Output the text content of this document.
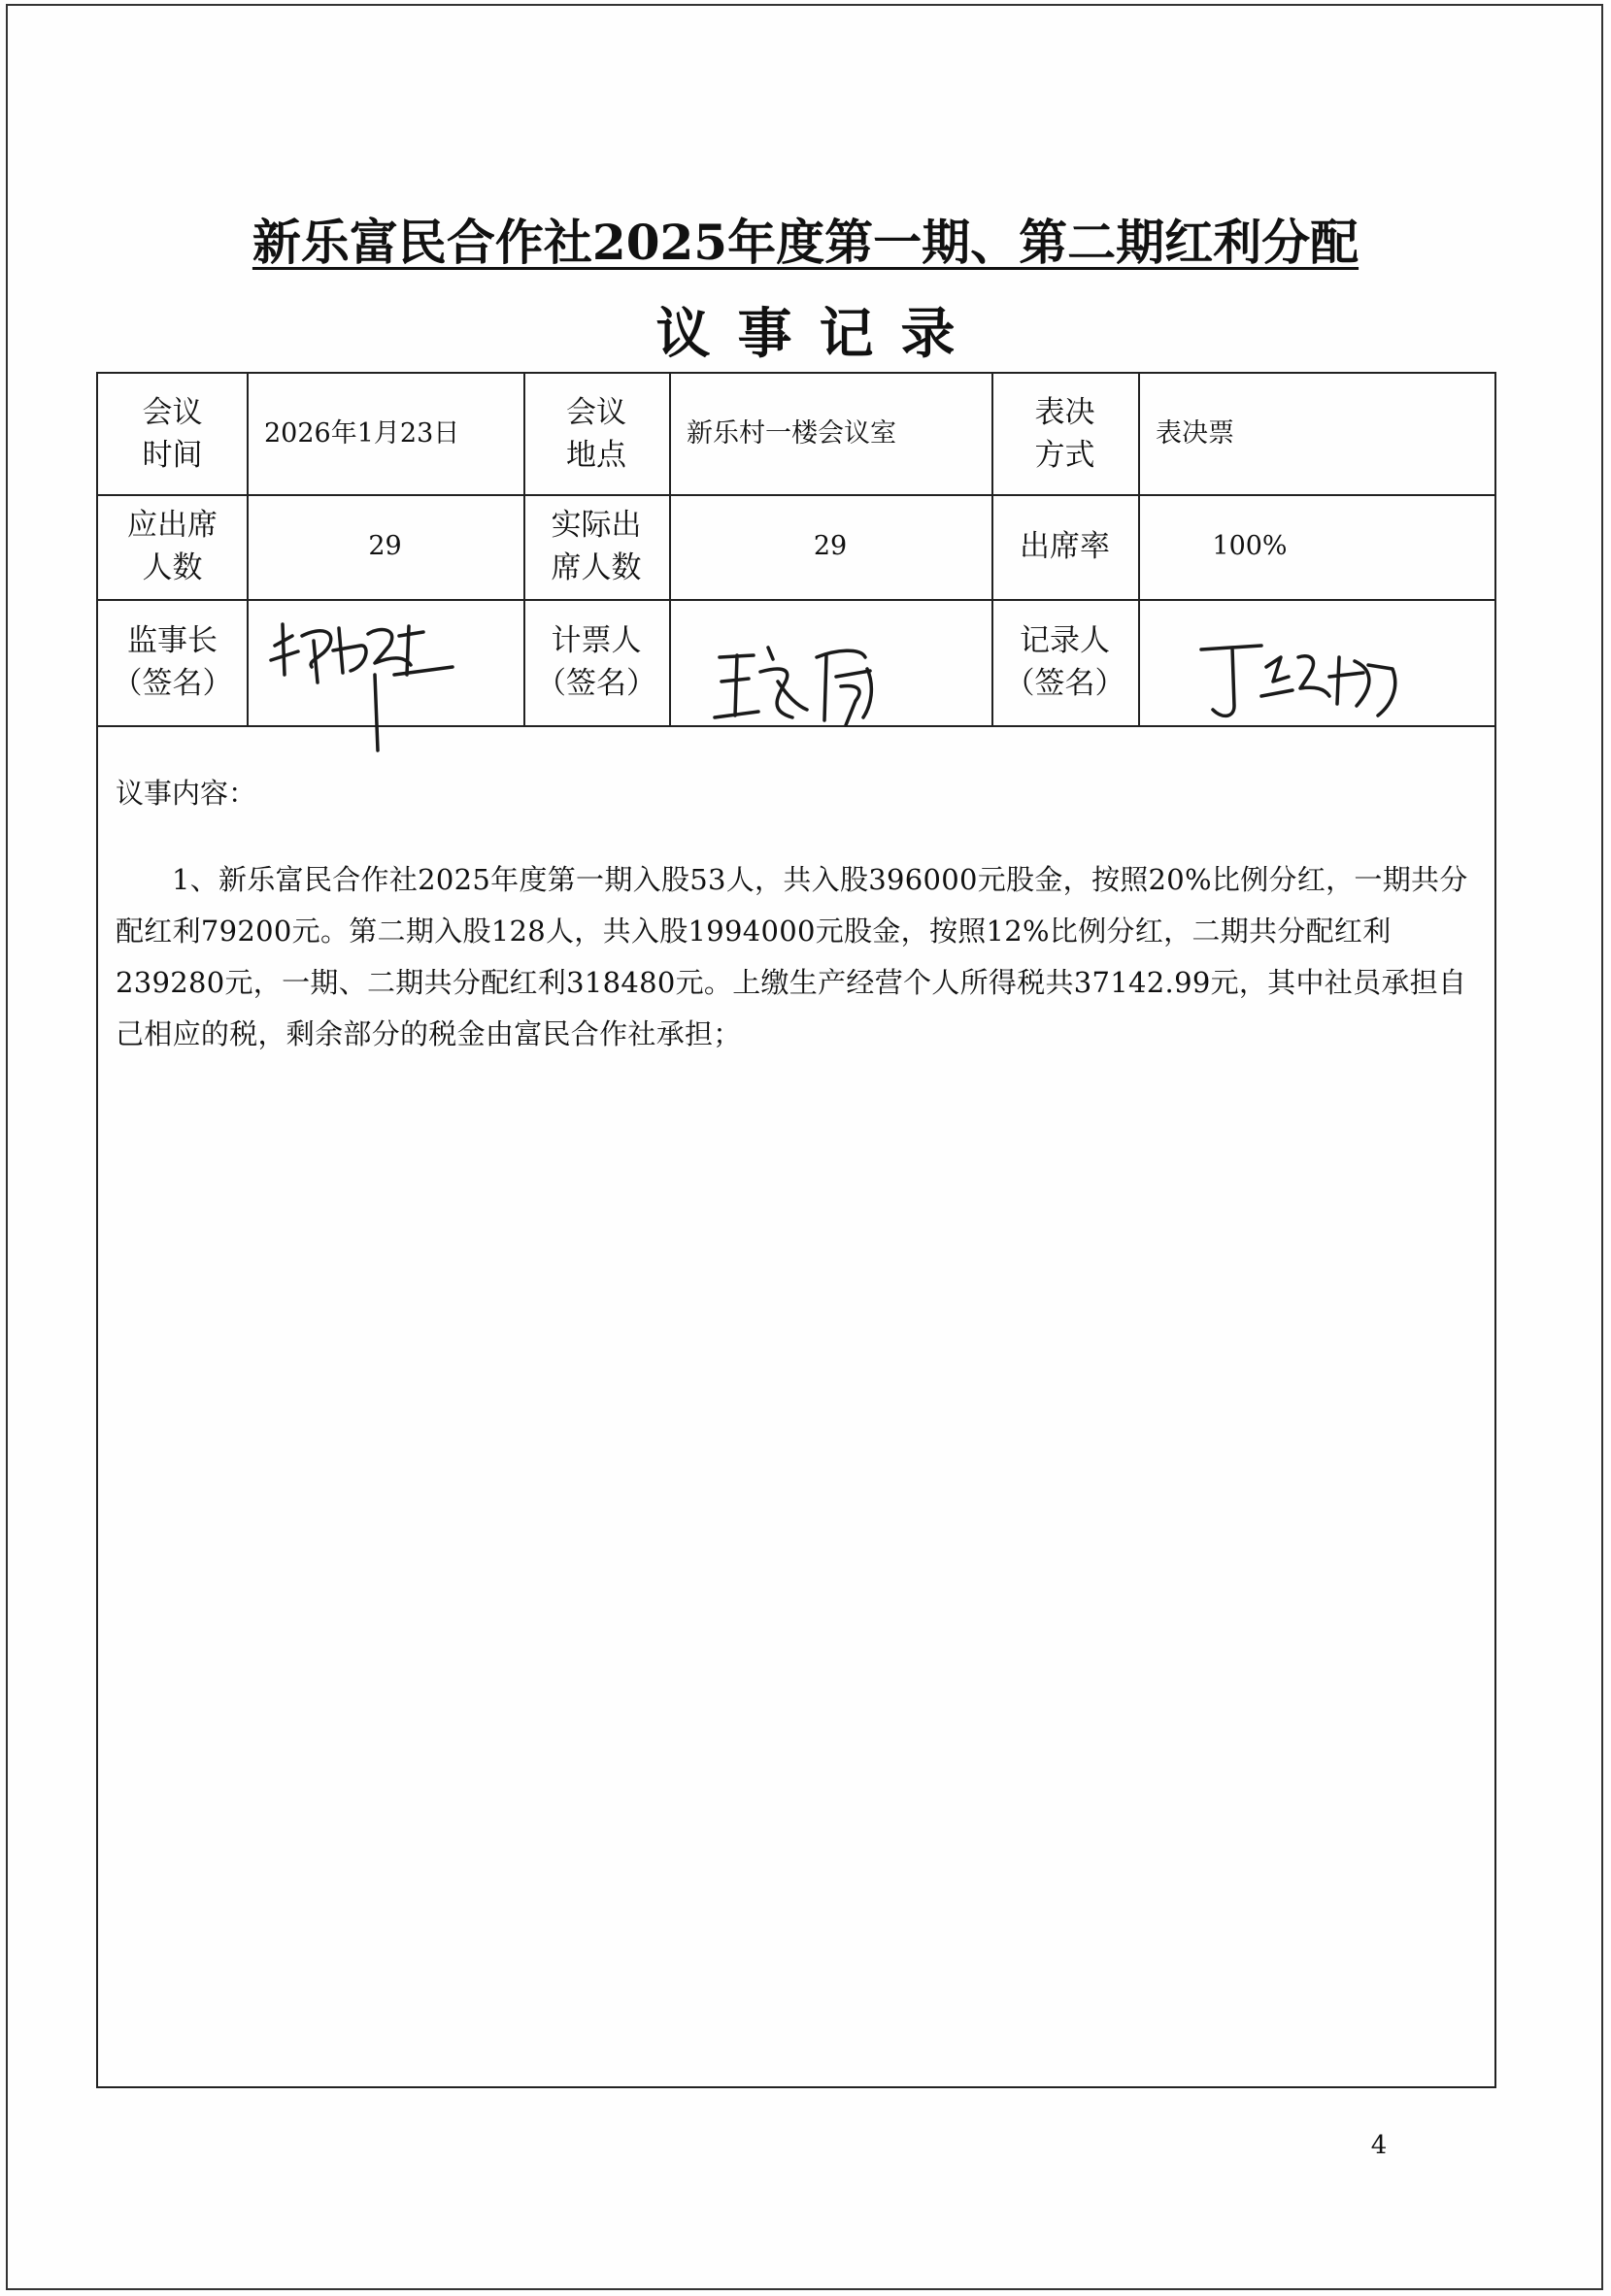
新乐富民合作社2025年度第一期、第二期红利分配
议事记录
会议
时间
2026年1月23日
会议
地点
新乐村一楼会议室
表决
方式
表决票
应出席
人数
29
实际出
席人数
29	出席率	100%
监事长
（签名）
计票人
（签名）
记录人
（签名）
议事内容：
1、新乐富民合作社2025年度第一期入股53人，共入股396000元股金，按照20%比例分红，一期共分配红利79200元。第二期入股128人，共入股1994000元股金，按照12%比例分红，二期共分配红利239280元，一期、二期共分配红利318480元。上缴生产经营个人所得税共37142.99元，其中社员承担自己相应的税，剩余部分的税金由富民合作社承担；
4
